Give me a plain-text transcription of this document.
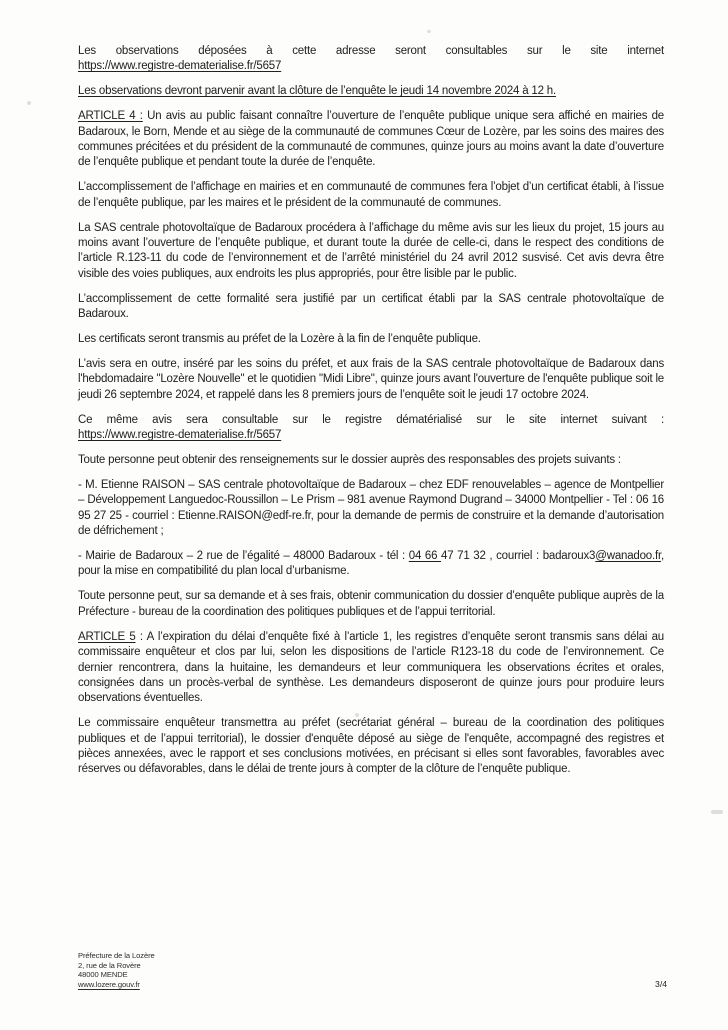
Les observations déposées à cette adresse seront consultables sur le site internet
https://www.registre-dematerialise.fr/5657

Les observations devront parvenir avant la clôture de l’enquête le jeudi 14 novembre 2024 à 12 h.

ARTICLE 4 : Un avis au public faisant connaître l’ouverture de l’enquête publique unique sera affiché en mairies de Badaroux, le Born, Mende et au siège de la communauté de communes Cœur de Lozère, par les soins des maires des communes précitées et du président de la communauté de communes, quinze jours au moins avant la date d’ouverture de l’enquête publique et pendant toute la durée de l’enquête.

L’accomplissement de l’affichage en mairies et en communauté de communes fera l’objet d’un certificat établi, à l’issue de l’enquête publique, par les maires et le président de la communauté de communes.

La SAS centrale photovoltaïque de Badaroux procédera à l’affichage du même avis sur les lieux du projet, 15 jours au moins avant l’ouverture de l’enquête publique, et durant toute la durée de celle-ci, dans le respect des conditions de l’article R.123-11 du code de l’environnement et de l’arrêté ministériel du 24 avril 2012 susvisé. Cet avis devra être visible des voies publiques, aux endroits les plus appropriés, pour être lisible par le public.

L’accomplissement de cette formalité sera justifié par un certificat établi par la SAS centrale photovoltaïque de Badaroux.

Les certificats seront transmis au préfet de la Lozère à la fin de l’enquête publique.

L’avis sera en outre, inséré par les soins du préfet, et aux frais de la SAS centrale photovoltaïque de Badaroux dans l'hebdomadaire "Lozère Nouvelle" et le quotidien "Midi Libre", quinze jours avant l'ouverture de l'enquête publique soit le jeudi 26 septembre 2024, et rappelé dans les 8 premiers jours de l’enquête soit le jeudi 17 octobre 2024.

Ce même avis sera consultable sur le registre dématérialisé sur le site internet suivant :
https://www.registre-dematerialise.fr/5657

Toute personne peut obtenir des renseignements sur le dossier auprès des responsables des projets suivants :

- M. Etienne RAISON – SAS centrale photovoltaïque de Badaroux – chez EDF renouvelables – agence de Montpellier – Développement Languedoc-Roussillon – Le Prism – 981 avenue Raymond Dugrand – 34000 Montpellier - Tel : 06 16 95 27 25 - courriel : Etienne.RAISON@edf-re.fr, pour la demande de permis de construire et la demande d’autorisation de défrichement ;

- Mairie de Badaroux – 2 rue de l’égalité – 48000 Badaroux - tél : 04 66 47 71 32 , courriel : badaroux3@wanadoo.fr, pour la mise en compatibilité du plan local d’urbanisme.

Toute personne peut, sur sa demande et à ses frais, obtenir communication du dossier d’enquête publique auprès de la Préfecture - bureau de la coordination des politiques publiques et de l’appui territorial.

ARTICLE 5 : A l’expiration du délai d’enquête fixé à l’article 1, les registres d’enquête seront transmis sans délai au commissaire enquêteur et clos par lui, selon les dispositions de l’article R123-18 du code de l’environnement. Ce dernier rencontrera, dans la huitaine, les demandeurs et leur communiquera les observations écrites et orales, consignées dans un procès-verbal de synthèse. Les demandeurs disposeront de quinze jours pour produire leurs observations éventuelles.

Le commissaire enquêteur transmettra au préfet (secrétariat général – bureau de la coordination des politiques publiques et de l’appui territorial), le dossier d'enquête déposé au siège de l'enquête, accompagné des registres et pièces annexées, avec le rapport et ses conclusions motivées, en précisant si elles sont favorables, favorables avec réserves ou défavorables, dans le délai de trente jours à compter de la clôture de l’enquête publique.

Préfecture de la Lozère
2, rue de la Rovère
48000 MENDE
www.lozere.gouv.fr	3/4
